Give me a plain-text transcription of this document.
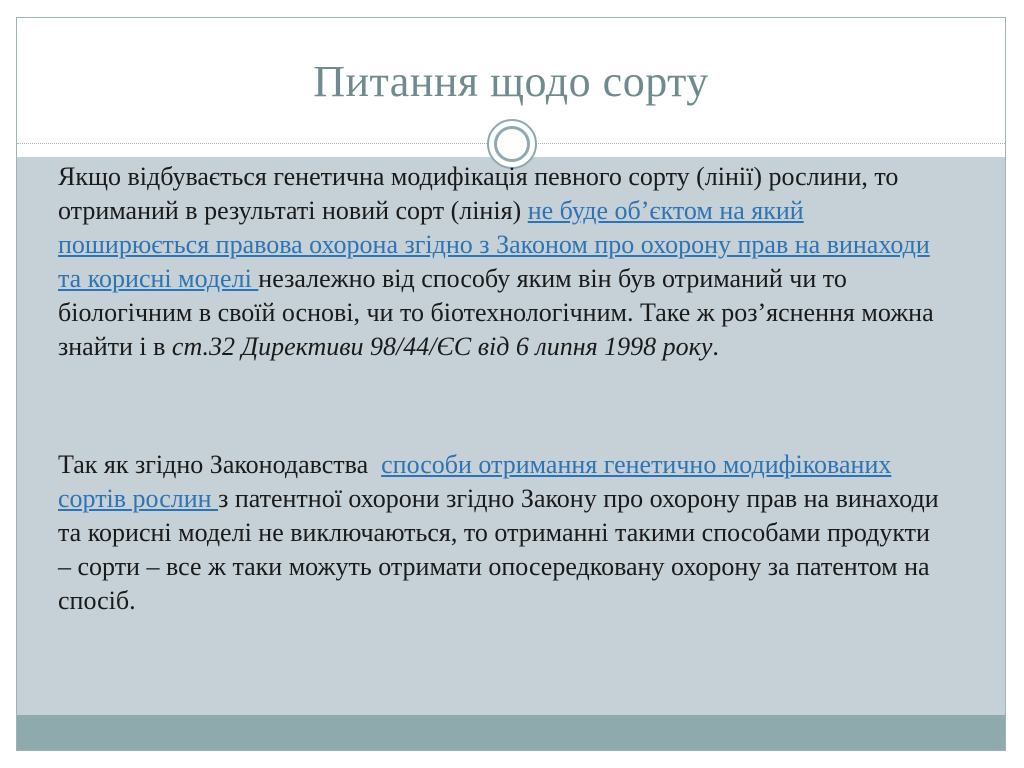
Питання щодо сорту
Якщо відбувається генетична модифікація певного сорту (лінії) рослини, то отриманий в результаті новий сорт (лінія) не буде об’єктом на який поширюється правова охорона згідно з Законом про охорону прав на винаходи та корисні моделі незалежно від способу яким він був отриманий чи то біологічним в своїй основі, чи то біотехнологічним. Таке ж роз’яснення можна знайти і в ст.32 Директиви 98/44/ЄС від 6 липня 1998 року.
Так як згідно Законодавства  способи отримання генетично модифікованих сортів рослин з патентної охорони згідно Закону про охорону прав на винаходи та корисні моделі не виключаються, то отриманні такими способами продукти – сорти – все ж таки можуть отримати опосередковану охорону за патентом на спосіб.
